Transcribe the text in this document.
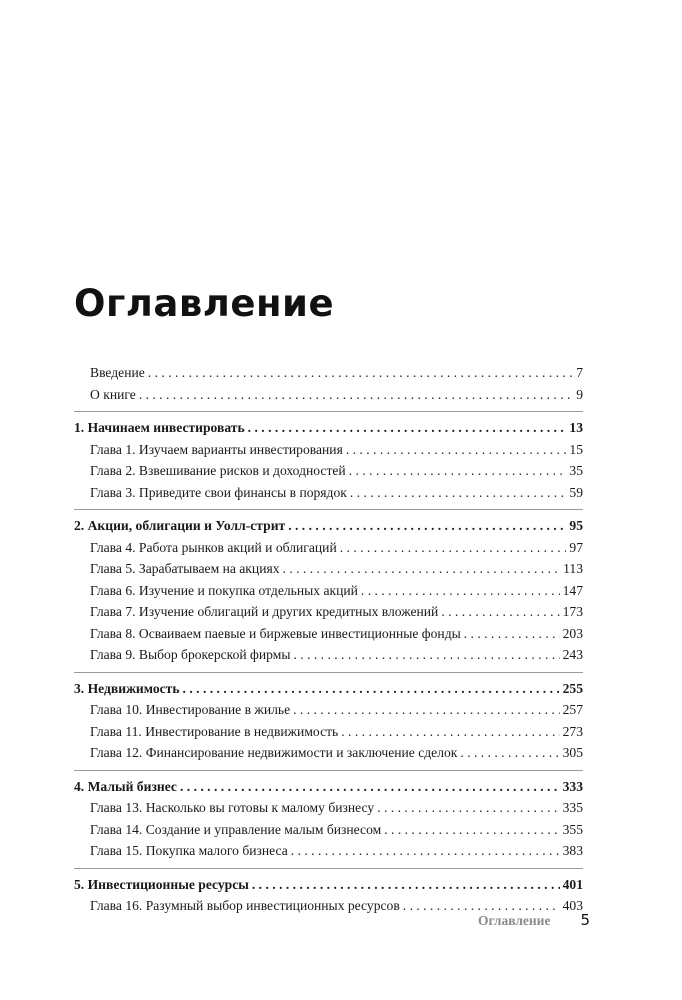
Оглавление
Введение . . .	7
О книге . . .	9
1. Начинаем инвестировать . . .	13
Глава 1. Изучаем варианты инвестирования . . .	15
Глава 2. Взвешивание рисков и доходностей . . .	35
Глава 3. Приведите свои финансы в порядок . . .	59
2. Акции, облигации и Уолл-стрит . . .	95
Глава 4. Работа рынков акций и облигаций . . .	97
Глава 5. Зарабатываем на акциях . . .	113
Глава 6. Изучение и покупка отдельных акций . . .	147
Глава 7. Изучение облигаций и других кредитных вложений . . .	173
Глава 8. Осваиваем паевые и биржевые инвестиционные фонды . . .	203
Глава 9. Выбор брокерской фирмы . . .	243
3. Недвижимость . . .	255
Глава 10. Инвестирование в жилье . . .	257
Глава 11. Инвестирование в недвижимость . . .	273
Глава 12. Финансирование недвижимости и заключение сделок . . .	305
4. Малый бизнес . . .	333
Глава 13. Насколько вы готовы к малому бизнесу . . .	335
Глава 14. Создание и управление малым бизнесом . . .	355
Глава 15. Покупка малого бизнеса . . .	383
5. Инвестиционные ресурсы . . .	401
Глава 16. Разумный выбор инвестиционных ресурсов . . .	403
Оглавление 5
